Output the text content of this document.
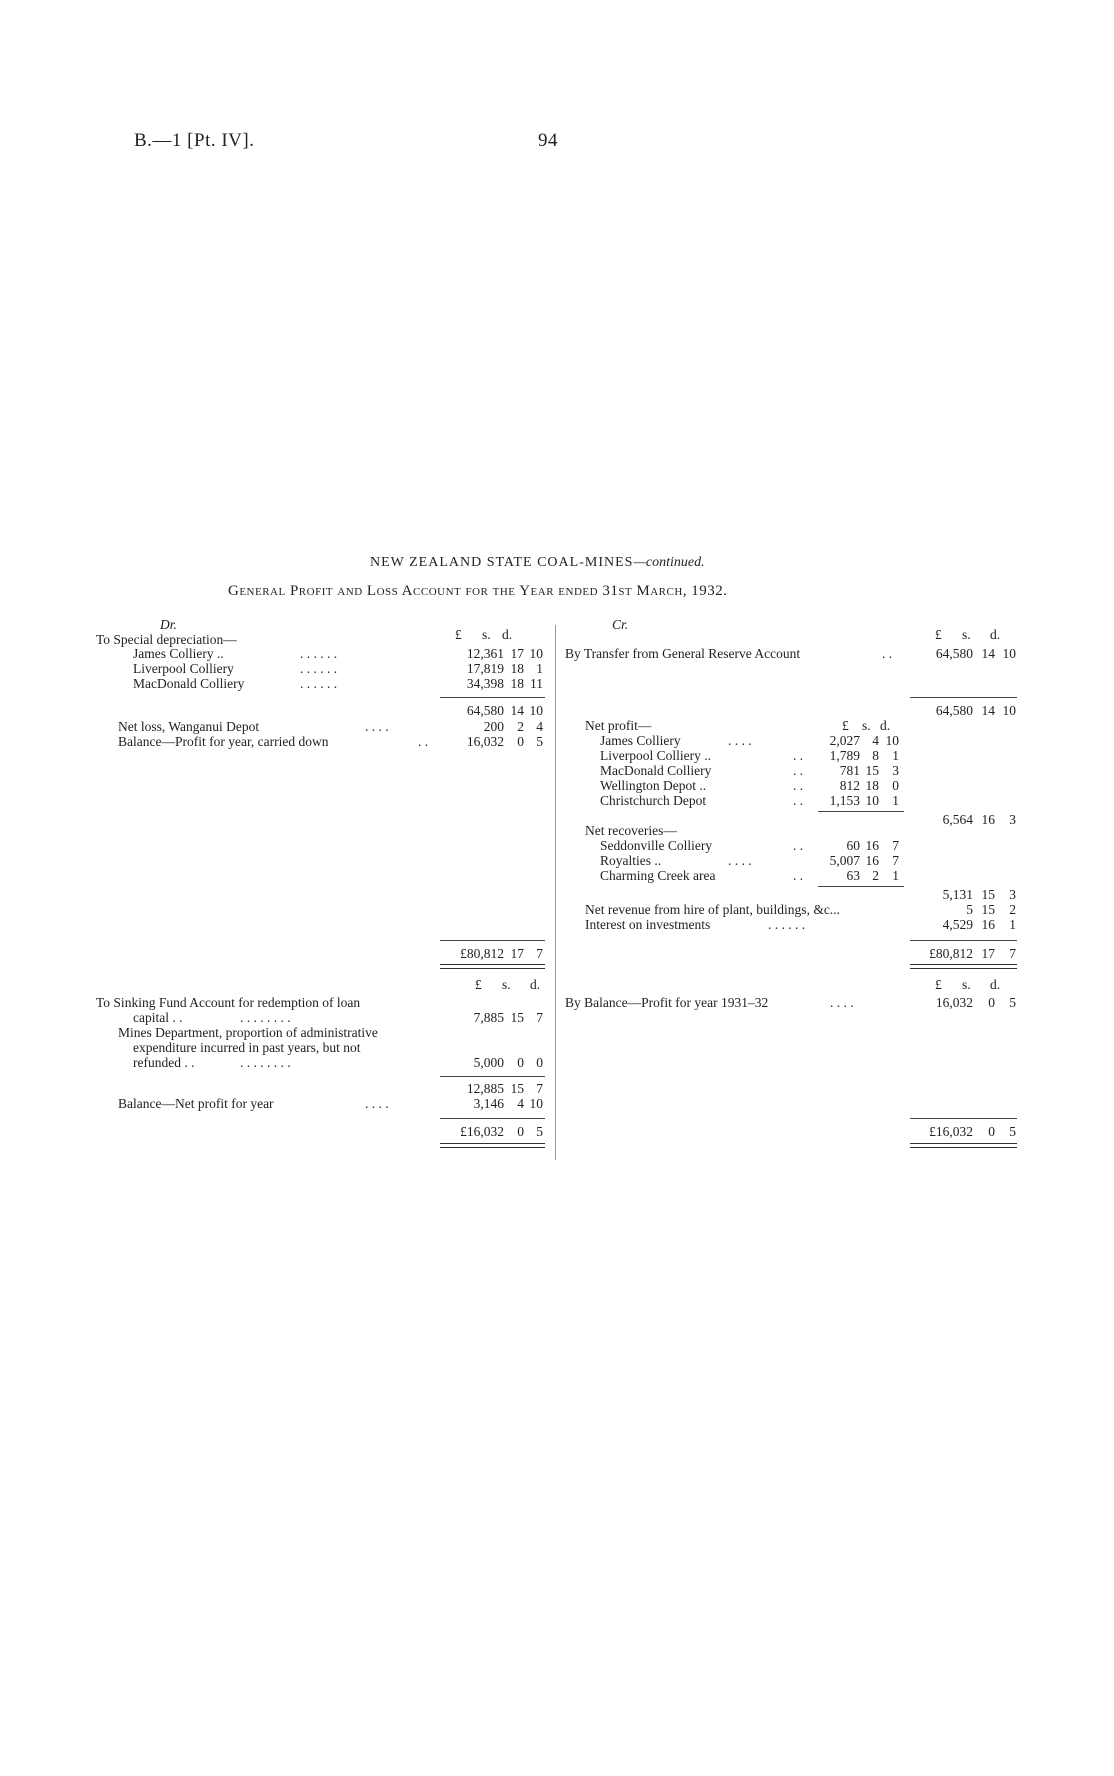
B.—1 [Pt. IV].	94
NEW ZEALAND STATE COAL-MINES—continued.
General Profit and Loss Account for the Year ended 31st March, 1932.
Dr.
To Special depreciation—	£ s. d.
James Colliery ..	. . . . . .	12,361 17 10
Liverpool Colliery	. . . . . .	17,819 18 1
MacDonald Colliery	. . . . . .	34,398 18 11
64,580 14 10
Net loss, Wanganui Depot	. . . .	200 2 4
Balance—Profit for year, carried down	. .	16,032 0 5
£80,812 17 7
Cr.
£ s. d.
By Transfer from General Reserve Account	. .	64,580 14 10
64,580 14 10
Net profit—	£ s. d.
James Colliery	. . . .	2,027 4 10
Liverpool Colliery ..	. .	1,789 8 1
MacDonald Colliery	. .	781 15 3
Wellington Depot ..	. .	812 18 0
Christchurch Depot	. .	1,153 10 1
6,564 16	3
Net recoveries—
Seddonville Colliery	. .	60 16 7
Royalties ..	. . . .	5,007 16 7
Charming Creek area	. .	63 2 1
5,131 15	3
Net revenue from hire of plant, buildings, &c...	5 15	2
Interest on investments	. . . . . .	4,529 16	1
£80,812 17	7
£ s. d.
To Sinking Fund Account for redemption of loan
capital . .	. . . . . . . .	7,885 15 7
Mines Department, proportion of administrative
expenditure incurred in past years, but not
refunded . .	. . . . . . . .	5,000 0 0
12,885 15 7
Balance—Net profit for year	. . . .	3,146 4 10
£16,032 0 5
£ s. d.
By Balance—Profit for year 1931–32	. . . .	16,032	0	5
£16,032	0	5
